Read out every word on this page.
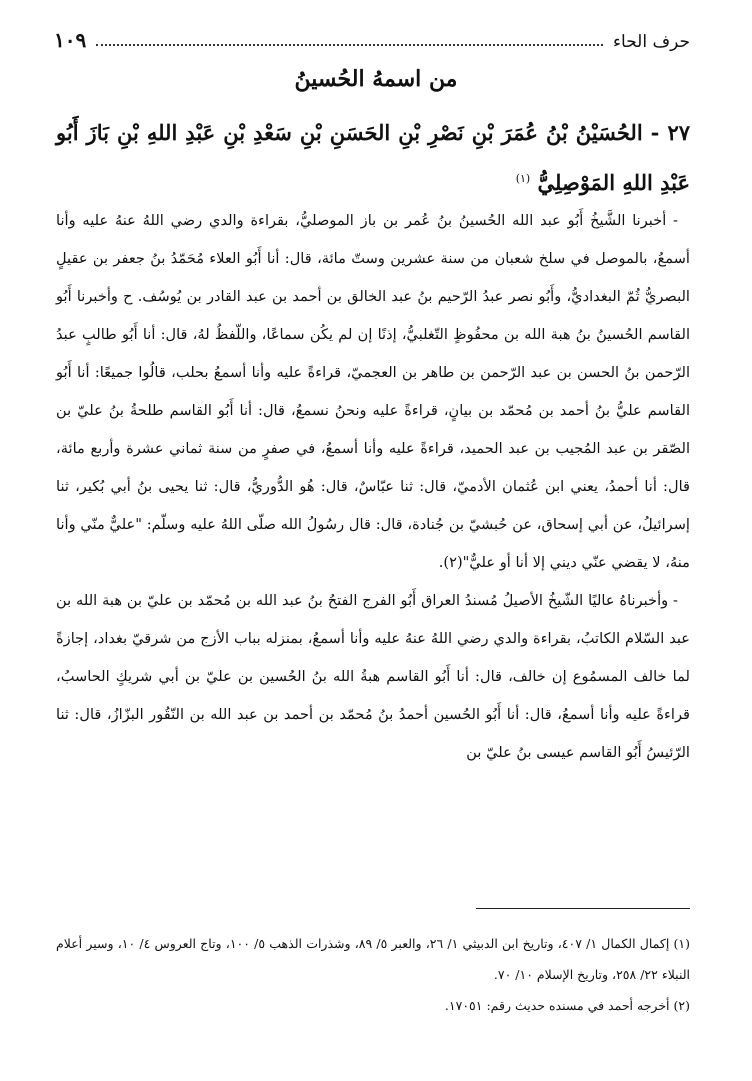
حرف الحاء
١٠٩
من اسمهُ الحُسينُ
٢٧ - الحُسَيْنُ بْنُ عُمَرَ بْنِ نَصْرِ بْنِ الحَسَنِ بْنِ سَعْدِ بْنِ عَبْدِ اللهِ بْنِ بَازَ أَبُو عَبْدِ اللهِ المَوْصِلِيُّ $^{(١)}$

- أخبرنا الشَّيخُ أَبُو عبد الله الحُسينُ بنُ عُمر بن باز الموصليُّ، بقراءة والدي رضي اللهُ عنهُ عليه وأنا أسمعُ، بالموصل في سلخ شعبان من سنة عشرين وستّ مائة، قال: أنا أَبُو العلاء مُحَمّدُ بنُ جعفر بن عقيلٍ البصريُّ ثُمّ البغداديُّ، وأَبُو نصر عبدُ الرّحيم بنُ عبد الخالق بن أحمد بن عبد القادر بن يُوسُف. ح وأخبرنا أَبُو القاسم الحُسينُ بنُ هبة الله بن محفُوظٍ التّغلبيُّ، إذنًا إن لم يكُن سماعًا، واللّفظُ لهُ، قال: أنا أَبُو طالبٍ عبدُ الرّحمن بنُ الحسن بن عبد الرّحمن بن طاهر بن العجميّ، قراءةً عليه وأنا أسمعُ بحلب، قالُوا جميعًا: أنا أَبُو القاسم عليُّ بنُ أحمد بن مُحمّد بن بيانٍ، قراءةً عليه ونحنُ نسمعُ، قال: أنا أَبُو القاسم طلحةُ بنُ عليّ بن الصّقر بن عبد المُجيب بن عبد الحميد، قراءةً عليه وأنا أسمعُ، في صفرٍ من سنة ثماني عشرة وأربع مائة، قال: أنا أحمدُ، يعني ابن عُثمان الأدميّ، قال: ثنا عبّاسٌ، قال: هُو الدُّوريُّ، قال: ثنا يحيى بنُ أبي بُكير، ثنا إسرائيلُ، عن أبي إسحاق، عن حُبشيّ بن جُنادة، قال: قال رسُولُ الله صلّى اللهُ عليه وسلّم: "عليٌّ منّي وأنا منهُ، لا يقضي عنّي ديني إلا أنا أو عليٌّ"(٢).

- وأخبرناهُ عاليًا الشّيخُ الأصيلُ مُسندُ العراق أَبُو الفرج الفتحُ بنُ عبد الله بن مُحمّد بن عليّ بن هبة الله بن عبد السّلام الكاتبُ، بقراءة والدي رضي اللهُ عنهُ عليه وأنا أسمعُ، بمنزله بباب الأزج من شرقيّ بغداد، إجازةً لما خالف المسمُوع إن خالف، قال: أنا أَبُو القاسم هبةُ الله بنُ الحُسين بن عليّ بن أبي شريكٍ الحاسبُ، قراءةً عليه وأنا أسمعُ، قال: أنا أَبُو الحُسين أحمدُ بنُ مُحمّد بن أحمد بن عبد الله بن النّقُور البزّازُ، قال: ثنا الرّئيسُ أَبُو القاسم عيسى بنُ عليّ بن

(١) إكمال الكمال ١/ ٤٠٧، وتاريخ ابن الدبيثي ١/ ٢٦، والعبر ٥/ ٨٩، وشذرات الذهب ٥/ ١٠٠، وتاج العروس ٤/ ١٠، وسير أعلام النبلاء ٢٢/ ٢٥٨، وتاريخ الإسلام ١٠/ ٧٠.

(٢) أخرجه أحمد في مسنده حديث رقم: ١٧٠٥١.
